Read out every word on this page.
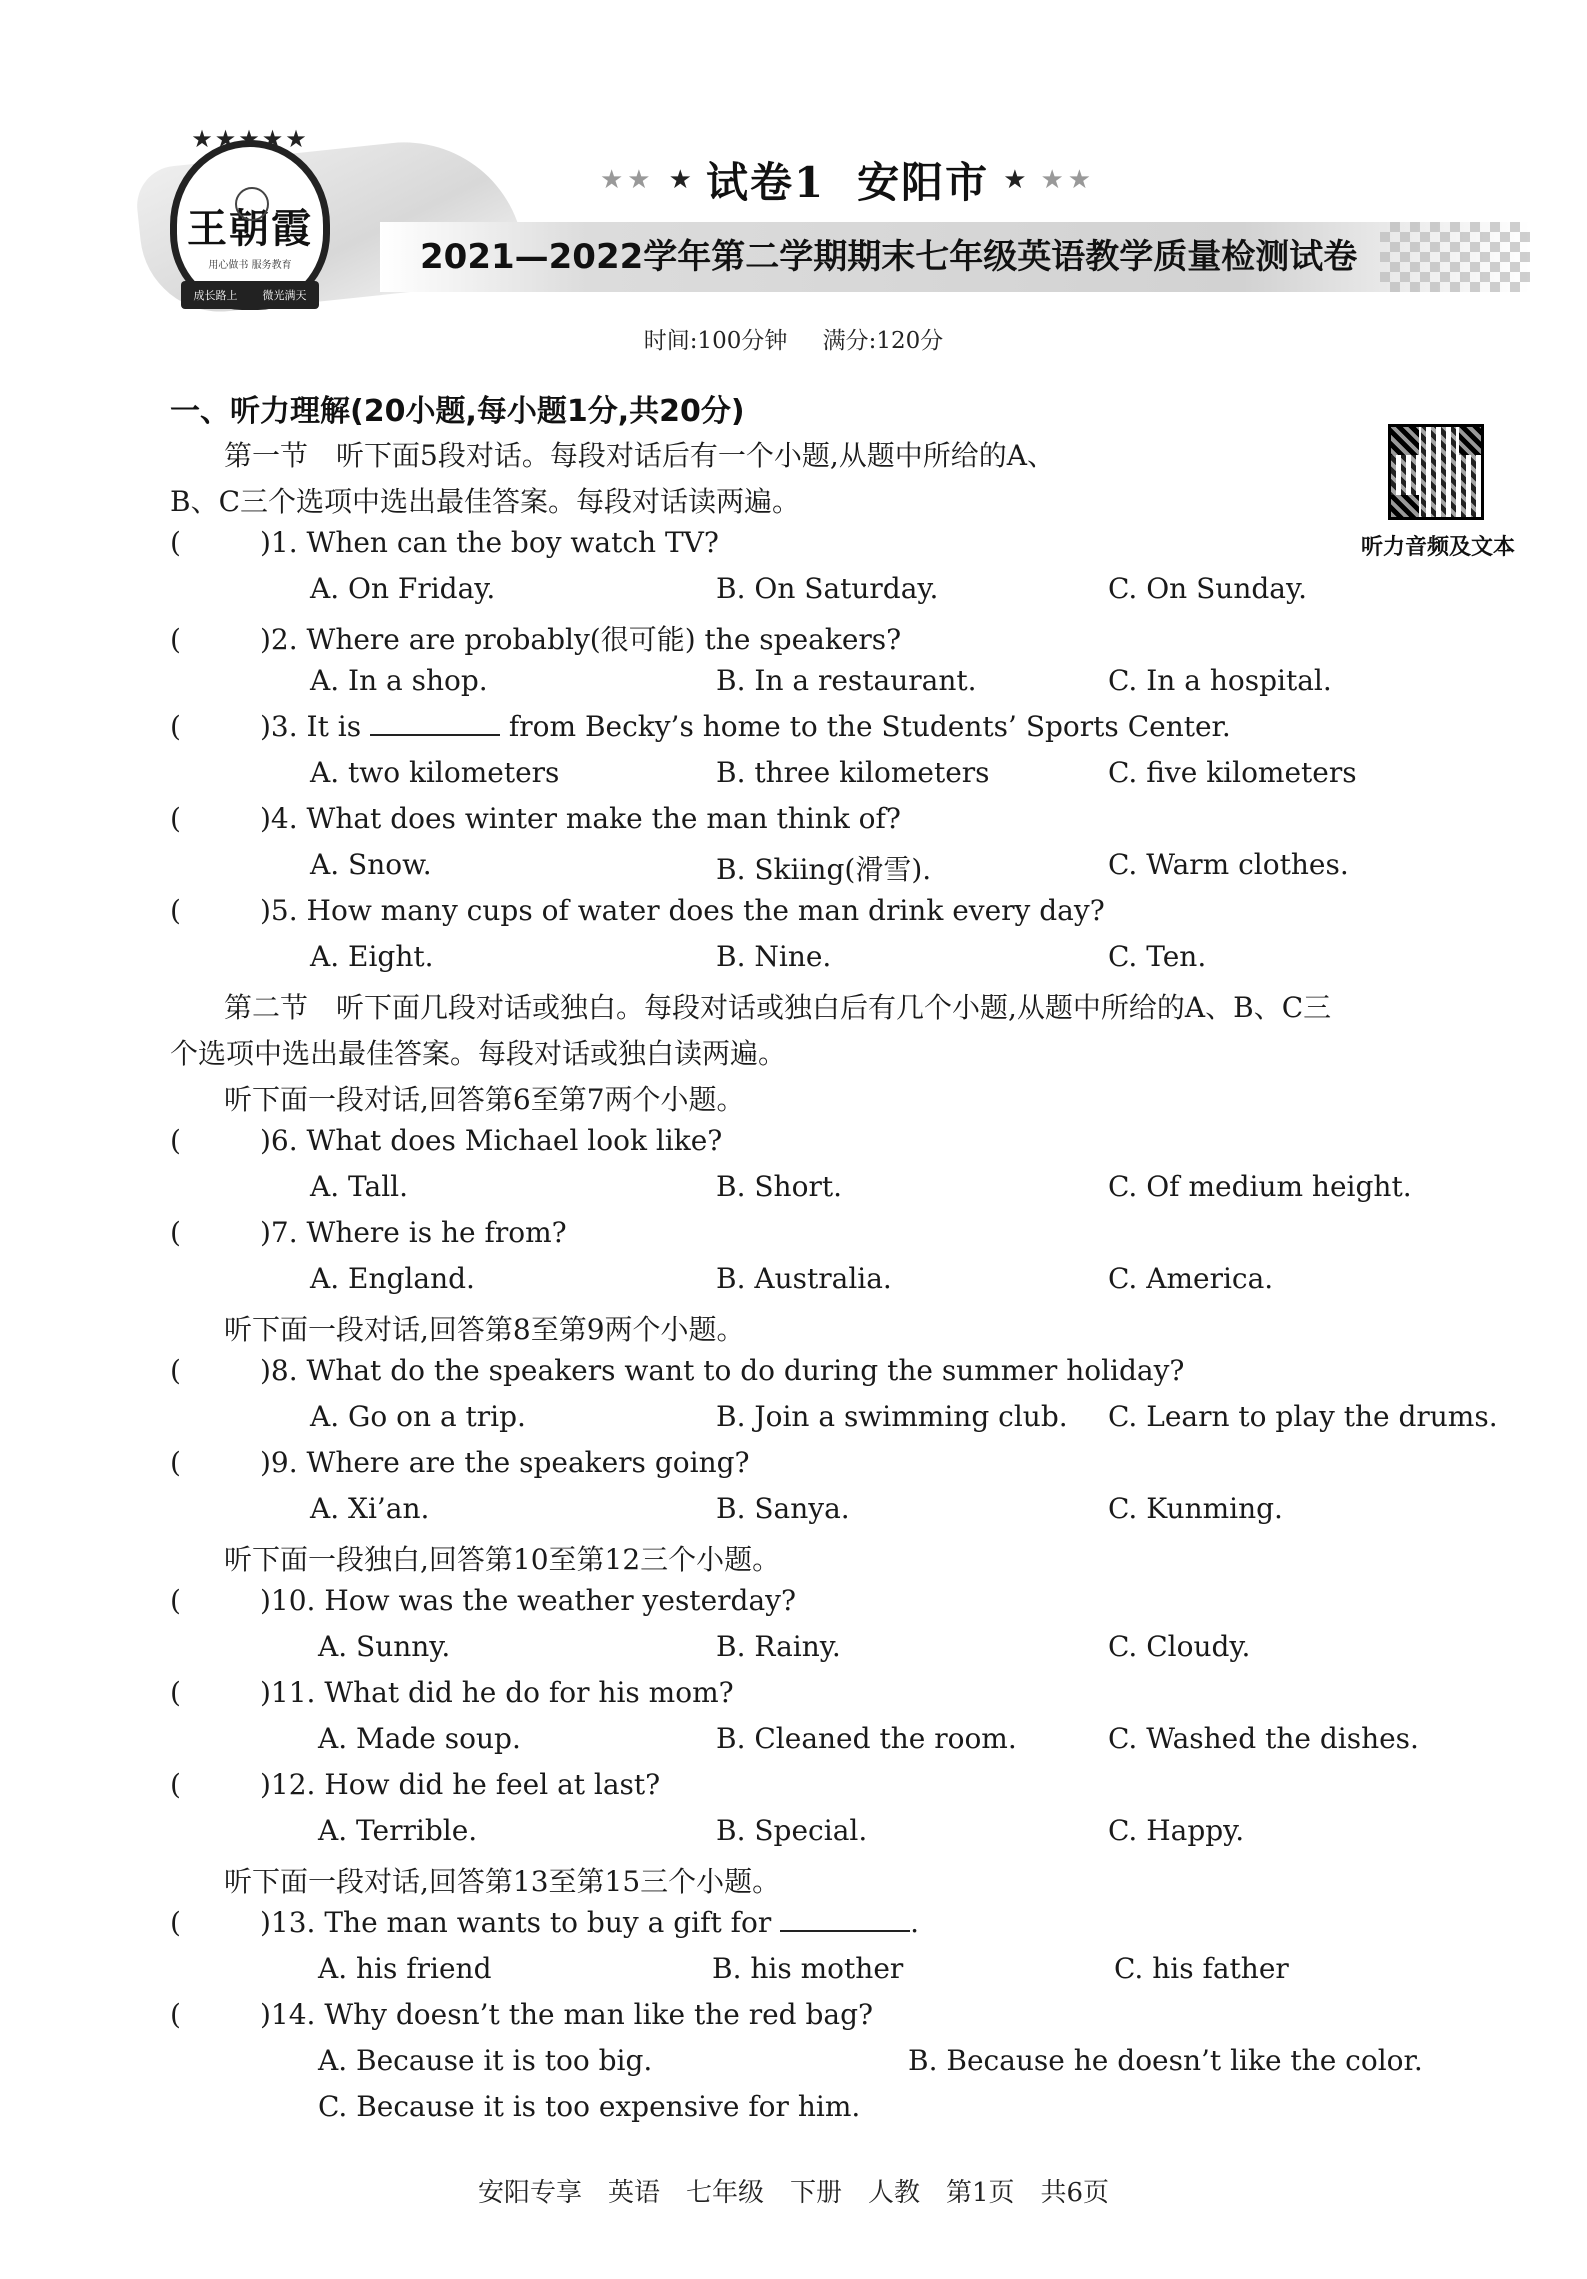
★★★★★
王朝霞
用心做书 服务教育
成长路上 微光满天
★★ ★ 试卷1 安阳市 ★ ★★
2021—2022学年第二学期期末七年级英语教学质量检测试卷
时间:100分钟 满分:120分
听力音频及文本
一、听力理解(20小题,每小题1分,共20分)
第一节　听下面5段对话。每段对话后有一个小题,从题中所给的A、
B、C三个选项中选出最佳答案。每段对话读两遍。
(	)1. When can the boy watch TV?
A. On Friday.	B. On Saturday.	C. On Sunday.
(	)2. Where are probably(很可能) the speakers?
A. In a shop.	B. In a restaurant.	C. In a hospital.
(	)3. It is	from Becky’s home to the Students’ Sports Center.
A. two kilometers	B. three kilometers	C. five kilometers
(	)4. What does winter make the man think of?
A. Snow.	B. Skiing(滑雪).	C. Warm clothes.
(	)5. How many cups of water does the man drink every day?
A. Eight.	B. Nine.	C. Ten.
第二节　听下面几段对话或独白。每段对话或独白后有几个小题,从题中所给的A、B、C三
个选项中选出最佳答案。每段对话或独白读两遍。
听下面一段对话,回答第6至第7两个小题。
(	)6. What does Michael look like?
A. Tall.	B. Short.	C. Of medium height.
(	)7. Where is he from?
A. England.	B. Australia.	C. America.
听下面一段对话,回答第8至第9两个小题。
(	)8. What do the speakers want to do during the summer holiday?
A. Go on a trip.	B. Join a swimming club. C. Learn to play the drums.
(	)9. Where are the speakers going?
A. Xi’an.	B. Sanya.	C. Kunming.
听下面一段独白,回答第10至第12三个小题。
(	)10. How was the weather yesterday?
A. Sunny.	B. Rainy.	C. Cloudy.
(	)11. What did he do for his mom?
A. Made soup.	B. Cleaned the room.	C. Washed the dishes.
(	)12. How did he feel at last?
A. Terrible.	B. Special.	C. Happy.
听下面一段对话,回答第13至第15三个小题。
(	)13. The man wants to buy a gift for	.
A. his friend	B. his mother	C. his father
(	)14. Why doesn’t the man like the red bag?
A. Because it is too big.	B. Because he doesn’t like the color.
C. Because it is too expensive for him.
安阳专享　英语　七年级　下册　人教　第1页　共6页
